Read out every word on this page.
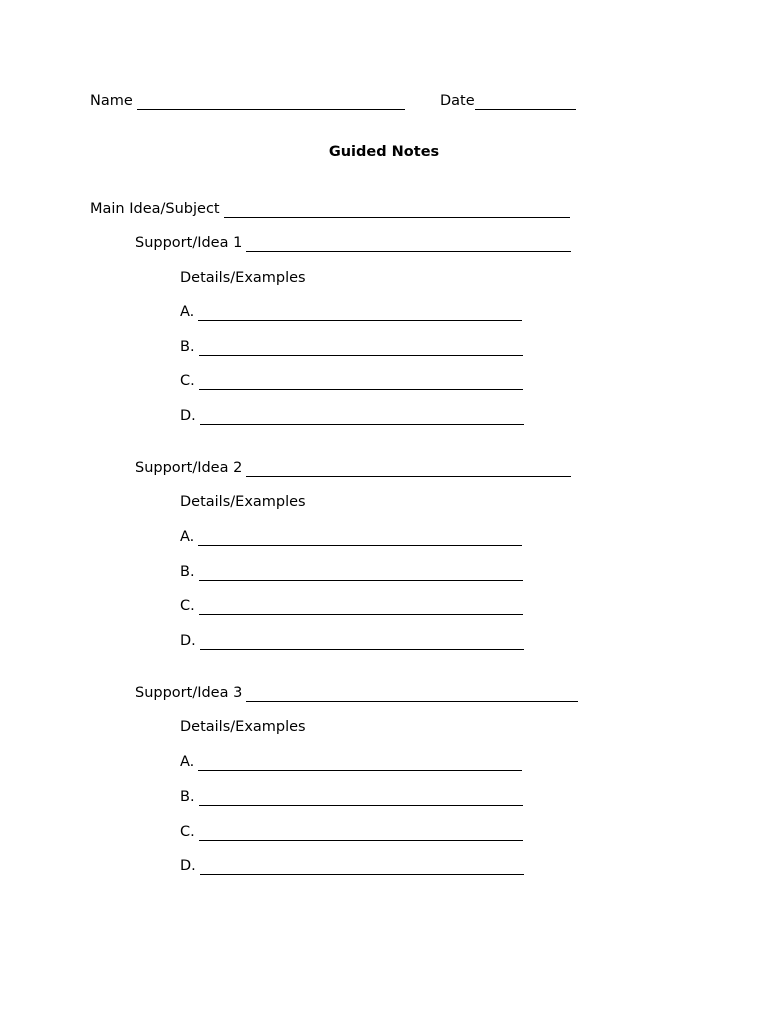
Name	Date
Guided Notes
Main Idea/Subject
Support/Idea 1
Details/Examples
A.
B.
C.
D.
Support/Idea 2
Details/Examples
A.
B.
C.
D.
Support/Idea 3
Details/Examples
A.
B.
C.
D.
